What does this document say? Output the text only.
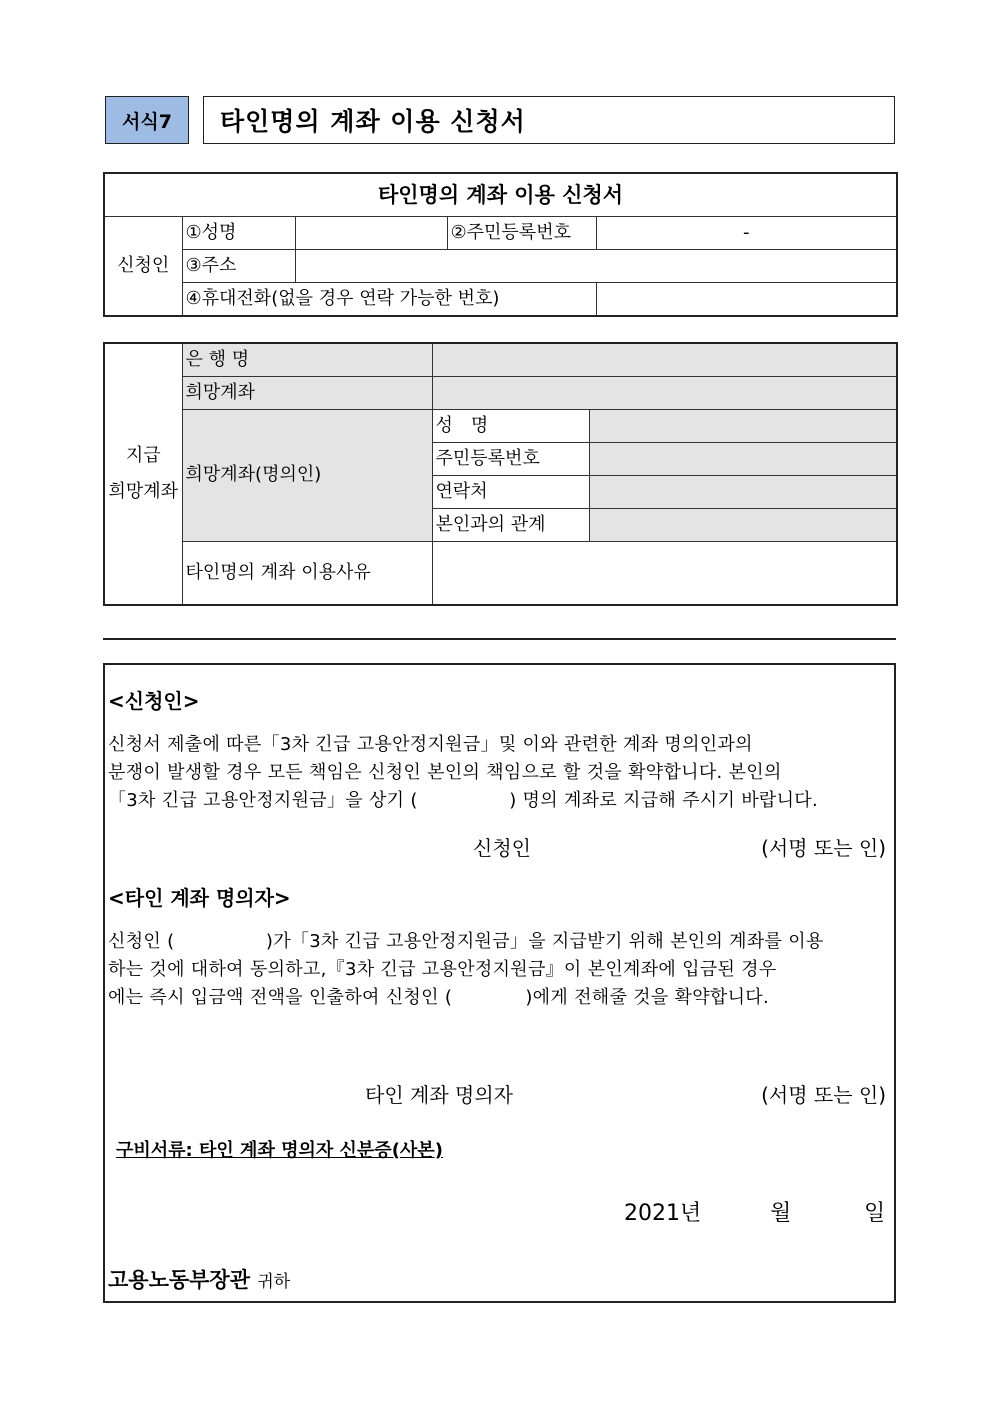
서식7	타인명의 계좌 이용 신청서
타인명의 계좌 이용 신청서				
신청인	①성명		②주민등록번호	-
	③주소			
	④휴대전화(없을 경우 연락 가능한 번호)			
지급
희망계좌	은 행 명		
	희망계좌		
	희망계좌(명의인)	성　명	
		주민등록번호	
		연락처	
		본인과의 관계	
	타인명의 계좌 이용사유		
<신청인>
신청서 제출에 따른「3차 긴급 고용안정지원금」및 이와 관련한 계좌 명의인과의
분쟁이 발생할 경우 모든 책임은 신청인 본인의 책임으로 할 것을 확약합니다. 본인의
「3차 긴급 고용안정지원금」을 상기 (　　　　　) 명의 계좌로 지급해 주시기 바랍니다.
신청인	(서명 또는 인)
<타인 계좌 명의자>
신청인 (　　　　　)가「3차 긴급 고용안정지원금」을 지급받기 위해 본인의 계좌를 이용
하는 것에 대하여 동의하고,『3차 긴급 고용안정지원금』이 본인계좌에 입금된 경우
에는 즉시 입금액 전액을 인출하여 신청인 (　　　　)에게 전해줄 것을 확약합니다.
타인 계좌 명의자	(서명 또는 인)
구비서류: 타인 계좌 명의자 신분증(사본)
2021년	월	일
고용노동부장관 귀하
